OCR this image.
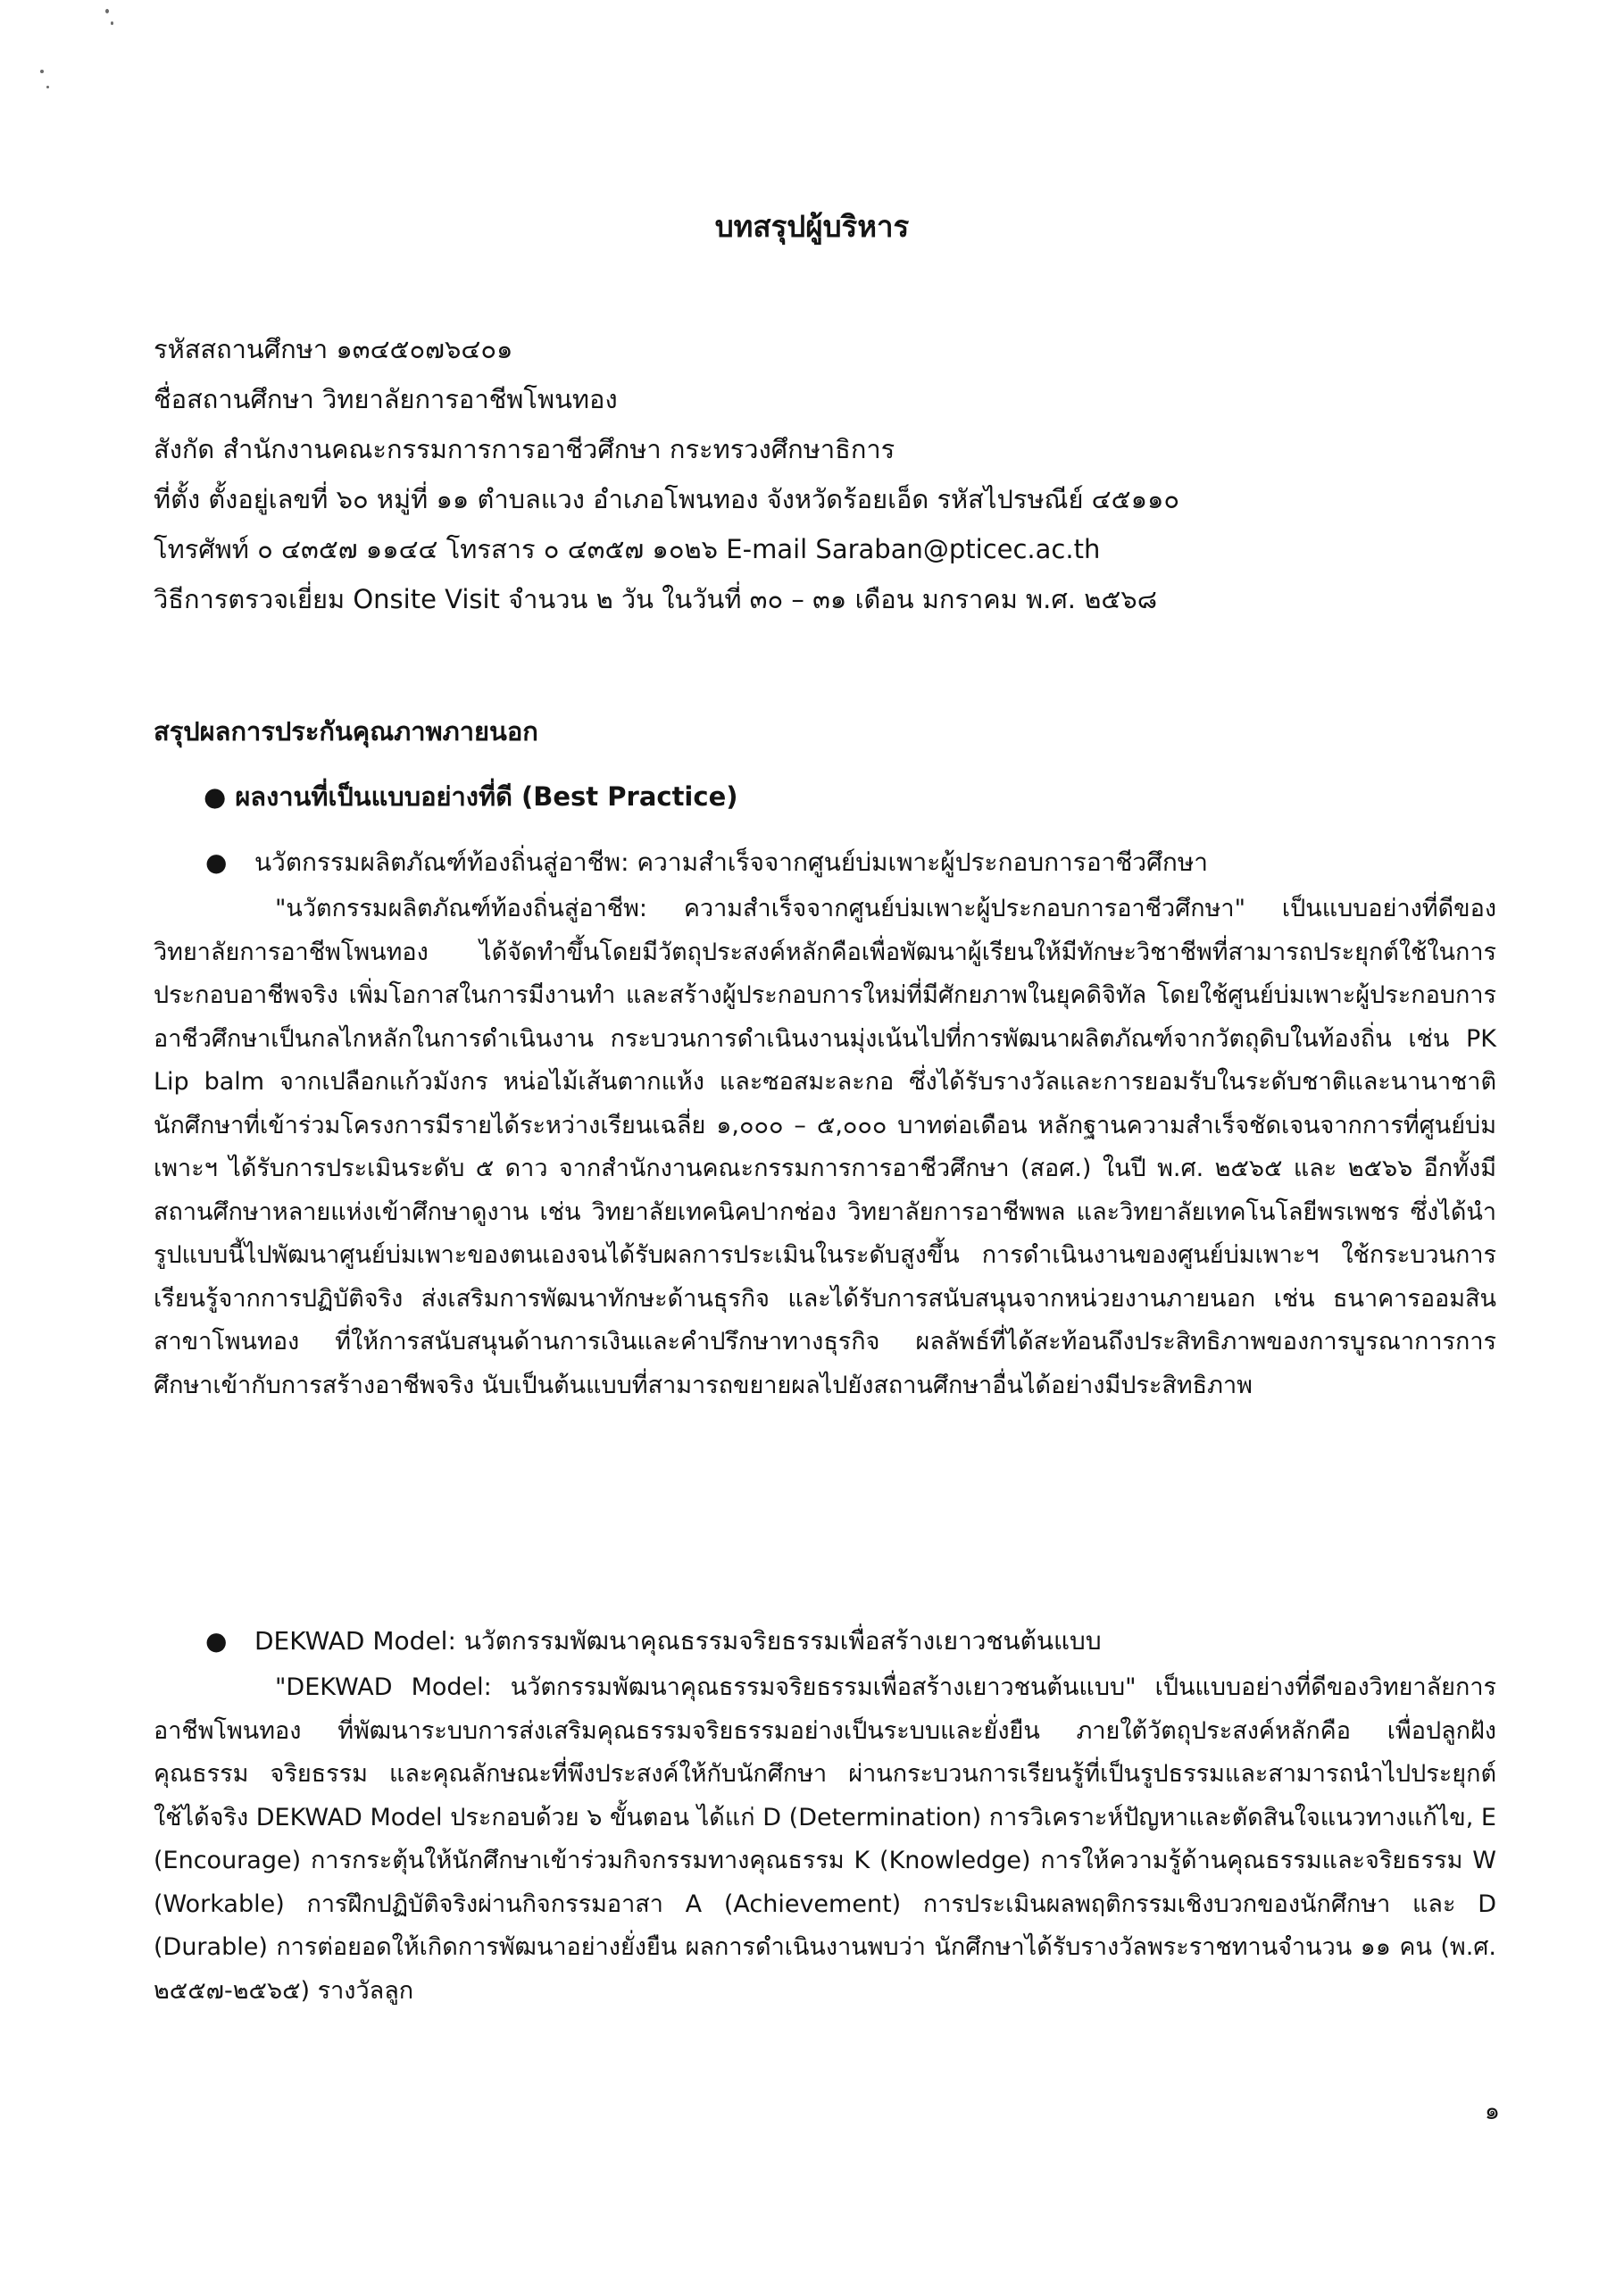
บทสรุปผู้บริหาร
รหัสสถานศึกษา ๑๓๔๕๐๗๖๔๐๑
ชื่อสถานศึกษา วิทยาลัยการอาชีพโพนทอง
สังกัด สำนักงานคณะกรรมการการอาชีวศึกษา กระทรวงศึกษาธิการ
ที่ตั้ง ตั้งอยู่เลขที่ ๖๐ หมู่ที่ ๑๑ ตำบลแวง อำเภอโพนทอง จังหวัดร้อยเอ็ด รหัสไปรษณีย์ ๔๕๑๑๐
โทรศัพท์ ๐ ๔๓๕๗ ๑๑๔๔ โทรสาร ๐ ๔๓๕๗ ๑๐๒๖ E-mail Saraban@pticec.ac.th
วิธีการตรวจเยี่ยม Onsite Visit จำนวน ๒ วัน ในวันที่ ๓๐ – ๓๑ เดือน มกราคม พ.ศ. ๒๕๖๘
สรุปผลการประกันคุณภาพภายนอก
● ผลงานที่เป็นแบบอย่างที่ดี (Best Practice)
● นวัตกรรมผลิตภัณฑ์ท้องถิ่นสู่อาชีพ: ความสำเร็จจากศูนย์บ่มเพาะผู้ประกอบการอาชีวศึกษา

"นวัตกรรมผลิตภัณฑ์ท้องถิ่นสู่อาชีพ: ความสำเร็จจากศูนย์บ่มเพาะผู้ประกอบการอาชีวศึกษา" เป็นแบบอย่างที่ดีของวิทยาลัยการอาชีพโพนทอง ได้จัดทำขึ้นโดยมีวัตถุประสงค์หลักคือเพื่อพัฒนาผู้เรียนให้มีทักษะวิชาชีพที่สามารถประยุกต์ใช้ในการประกอบอาชีพจริง เพิ่มโอกาสในการมีงานทำ และสร้างผู้ประกอบการใหม่ที่มีศักยภาพในยุคดิจิทัล โดยใช้ศูนย์บ่มเพาะผู้ประกอบการอาชีวศึกษาเป็นกลไกหลักในการดำเนินงาน กระบวนการดำเนินงานมุ่งเน้นไปที่การพัฒนาผลิตภัณฑ์จากวัตถุดิบในท้องถิ่น เช่น PK Lip balm จากเปลือกแก้วมังกร หน่อไม้เส้นตากแห้ง และซอสมะละกอ ซึ่งได้รับรางวัลและการยอมรับในระดับชาติและนานาชาติ นักศึกษาที่เข้าร่วมโครงการมีรายได้ระหว่างเรียนเฉลี่ย ๑,๐๐๐ – ๕,๐๐๐ บาทต่อเดือน หลักฐานความสำเร็จชัดเจนจากการที่ศูนย์บ่มเพาะฯ ได้รับการประเมินระดับ ๕ ดาว จากสำนักงานคณะกรรมการการอาชีวศึกษา (สอศ.) ในปี พ.ศ. ๒๕๖๕ และ ๒๕๖๖ อีกทั้งมีสถานศึกษาหลายแห่งเข้าศึกษาดูงาน เช่น วิทยาลัยเทคนิคปากช่อง วิทยาลัยการอาชีพพล และวิทยาลัยเทคโนโลยีพรเพชร ซึ่งได้นำรูปแบบนี้ไปพัฒนาศูนย์บ่มเพาะของตนเองจนได้รับผลการประเมินในระดับสูงขึ้น การดำเนินงานของศูนย์บ่มเพาะฯ ใช้กระบวนการเรียนรู้จากการปฏิบัติจริง ส่งเสริมการพัฒนาทักษะด้านธุรกิจ และได้รับการสนับสนุนจากหน่วยงานภายนอก เช่น ธนาคารออมสิน สาขาโพนทอง ที่ให้การสนับสนุนด้านการเงินและคำปรึกษาทางธุรกิจ ผลลัพธ์ที่ได้สะท้อนถึงประสิทธิภาพของการบูรณาการการศึกษาเข้ากับการสร้างอาชีพจริง นับเป็นต้นแบบที่สามารถขยายผลไปยังสถานศึกษาอื่นได้อย่างมีประสิทธิภาพ

● DEKWAD Model: นวัตกรรมพัฒนาคุณธรรมจริยธรรมเพื่อสร้างเยาวชนต้นแบบ

"DEKWAD Model: นวัตกรรมพัฒนาคุณธรรมจริยธรรมเพื่อสร้างเยาวชนต้นแบบ" เป็นแบบอย่างที่ดีของวิทยาลัยการอาชีพโพนทอง ที่พัฒนาระบบการส่งเสริมคุณธรรมจริยธรรมอย่างเป็นระบบและยั่งยืน ภายใต้วัตถุประสงค์หลักคือ เพื่อปลูกฝังคุณธรรม จริยธรรม และคุณลักษณะที่พึงประสงค์ให้กับนักศึกษา ผ่านกระบวนการเรียนรู้ที่เป็นรูปธรรมและสามารถนำไปประยุกต์ใช้ได้จริง DEKWAD Model ประกอบด้วย ๖ ขั้นตอน ได้แก่ D (Determination) การวิเคราะห์ปัญหาและตัดสินใจแนวทางแก้ไข, E (Encourage) การกระตุ้นให้นักศึกษาเข้าร่วมกิจกรรมทางคุณธรรม K (Knowledge) การให้ความรู้ด้านคุณธรรมและจริยธรรม W (Workable) การฝึกปฏิบัติจริงผ่านกิจกรรมอาสา A (Achievement) การประเมินผลพฤติกรรมเชิงบวกของนักศึกษา และ D (Durable) การต่อยอดให้เกิดการพัฒนาอย่างยั่งยืน ผลการดำเนินงานพบว่า นักศึกษาได้รับรางวัลพระราชทานจำนวน ๑๑ คน (พ.ศ. ๒๕๕๗-๒๕๖๕) รางวัลลูก

๑
